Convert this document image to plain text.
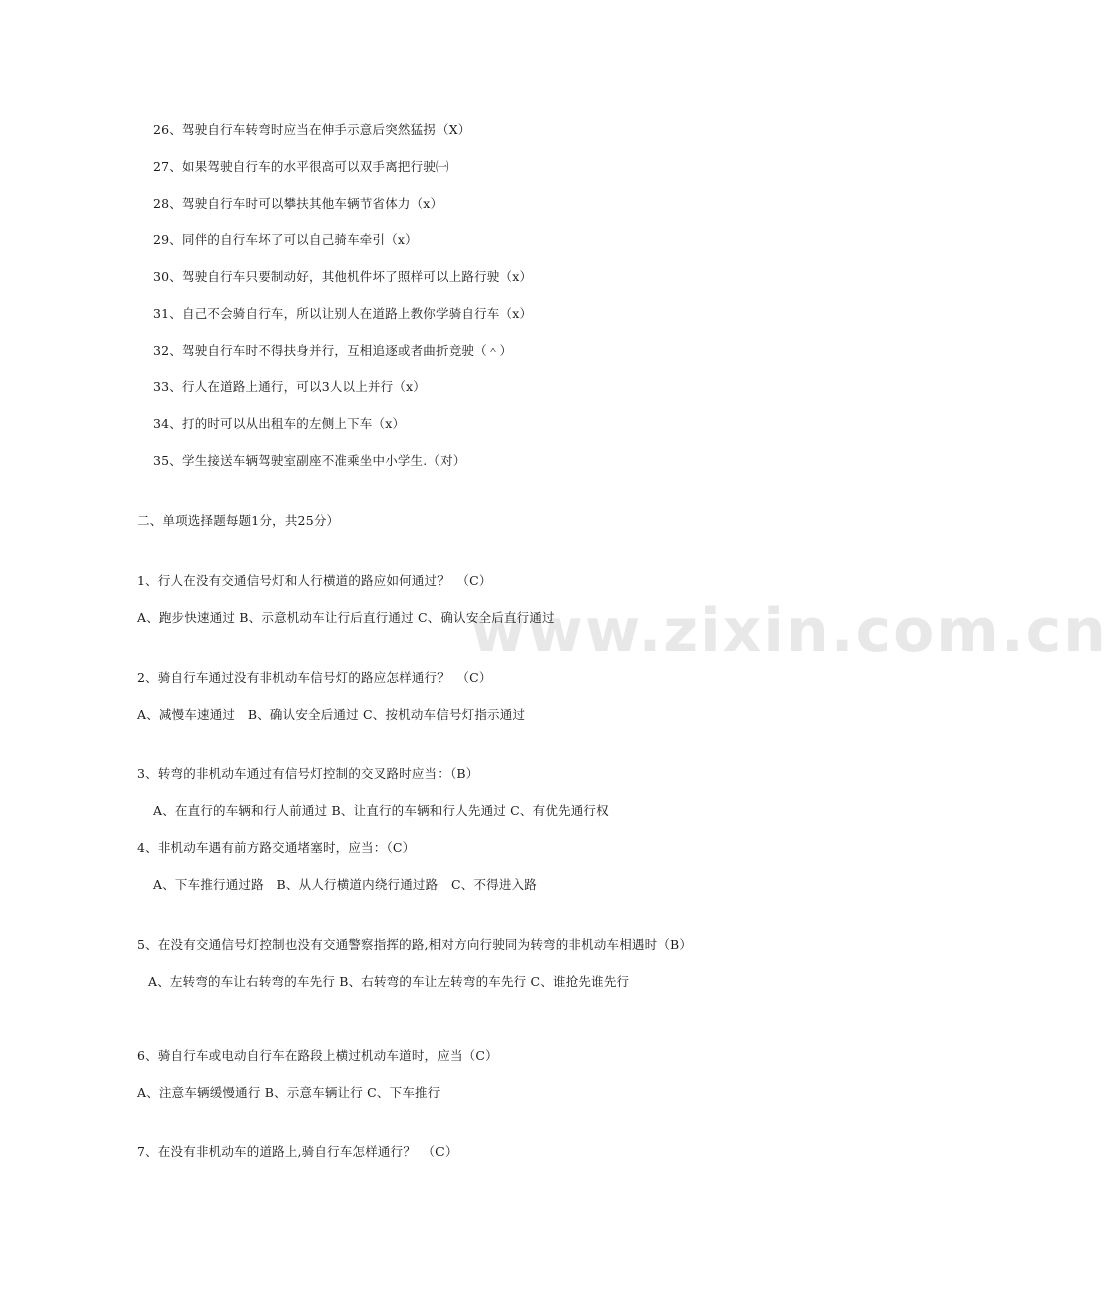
www.zixin.com.cn
26、驾驶自行车转弯时应当在伸手示意后突然猛拐（X）
27、如果驾驶自行车的水平很高可以双手离把行驶㈠
28、驾驶自行车时可以攀扶其他车辆节省体力（x）
29、同伴的自行车坏了可以自己骑车牵引（x）
30、驾驶自行车只要制动好，其他机件坏了照样可以上路行驶（x）
31、自己不会骑自行车，所以让别人在道路上教你学骑自行车（x）
32、驾驶自行车时不得扶身并行，互相追逐或者曲折竞驶（＾）
33、行人在道路上通行，可以3人以上并行（x）
34、打的时可以从出租车的左侧上下车（x）
35、学生接送车辆驾驶室副座不准乘坐中小学生.（对）
二、单项选择题每题1分，共25分）
1、行人在没有交通信号灯和人行横道的路应如何通过？　（C）
A、跑步快速通过 B、示意机动车让行后直行通过 C、确认安全后直行通过
2、骑自行车通过没有非机动车信号灯的路应怎样通行？　（C）
A、减慢车速通过　B、确认安全后通过 C、按机动车信号灯指示通过
3、转弯的非机动车通过有信号灯控制的交叉路时应当：（B）
A、在直行的车辆和行人前通过 B、让直行的车辆和行人先通过 C、有优先通行权
4、非机动车遇有前方路交通堵塞时，应当：（C）
A、下车推行通过路　B、从人行横道内绕行通过路　C、不得进入路
5、在没有交通信号灯控制也没有交通警察指挥的路,相对方向行驶同为转弯的非机动车相遇时（B）
A、左转弯的车让右转弯的车先行 B、右转弯的车让左转弯的车先行 C、谁抢先谁先行
6、骑自行车或电动自行车在路段上横过机动车道时，应当（C）
A、注意车辆缓慢通行 B、示意车辆让行 C、下车推行
7、在没有非机动车的道路上,骑自行车怎样通行？　（C）
